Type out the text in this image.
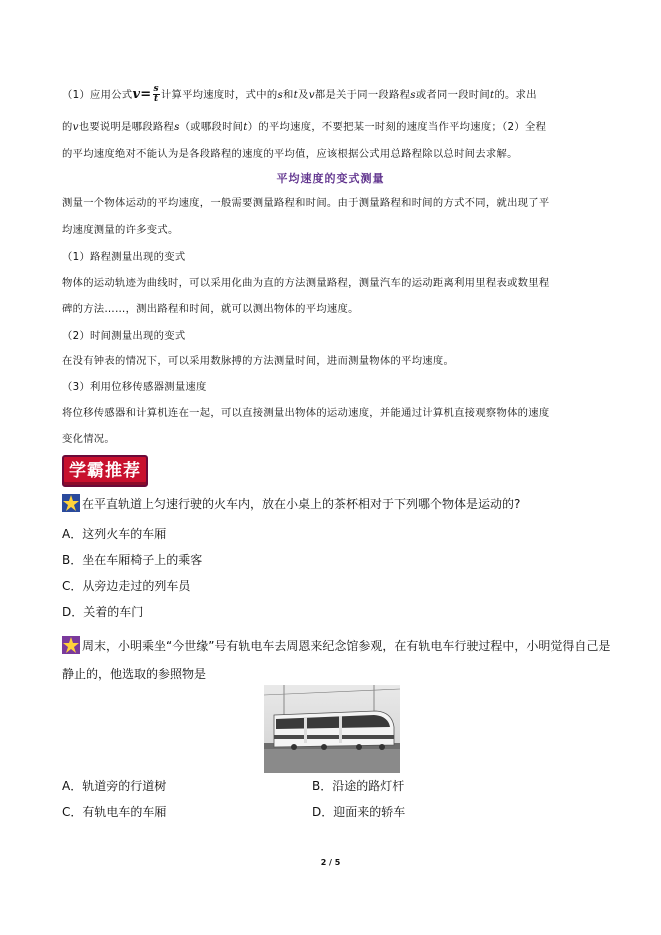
（1）应用公式$v= \frac{s}{t}$ 计算平均速度时，式中的s和t及v都是关于同一段路程s或者同一段时间t的。求出
的v也要说明是哪段路程s（或哪段时间t）的平均速度，不要把某一时刻的速度当作平均速度；（2）全程
的平均速度绝对不能认为是各段路程的速度的平均值，应该根据公式用总路程除以总时间去求解。
平均速度的变式测量
测量一个物体运动的平均速度，一般需要测量路程和时间。由于测量路程和时间的方式不同，就出现了平
均速度测量的许多变式。
（1）路程测量出现的变式
物体的运动轨迹为曲线时，可以采用化曲为直的方法测量路程，测量汽车的运动距离利用里程表或数里程
碑的方法……，测出路程和时间，就可以测出物体的平均速度。
（2）时间测量出现的变式
在没有钟表的情况下，可以采用数脉搏的方法测量时间，进而测量物体的平均速度。
（3）利用位移传感器测量速度
将位移传感器和计算机连在一起，可以直接测量出物体的运动速度，并能通过计算机直接观察物体的速度
变化情况。
学霸推荐
在平直轨道上匀速行驶的火车内，放在小桌上的茶杯相对于下列哪个物体是运动的?
A．这列火车的车厢
B．坐在车厢椅子上的乘客
C．从旁边走过的列车员
D．关着的车门
周末，小明乘坐“今世缘”号有轨电车去周恩来纪念馆参观，在有轨电车行驶过程中，小明觉得自己是
静止的，他选取的参照物是
A．轨道旁的行道树	B．沿途的路灯杆
C．有轨电车的车厢	D．迎面来的轿车
2 / 5
